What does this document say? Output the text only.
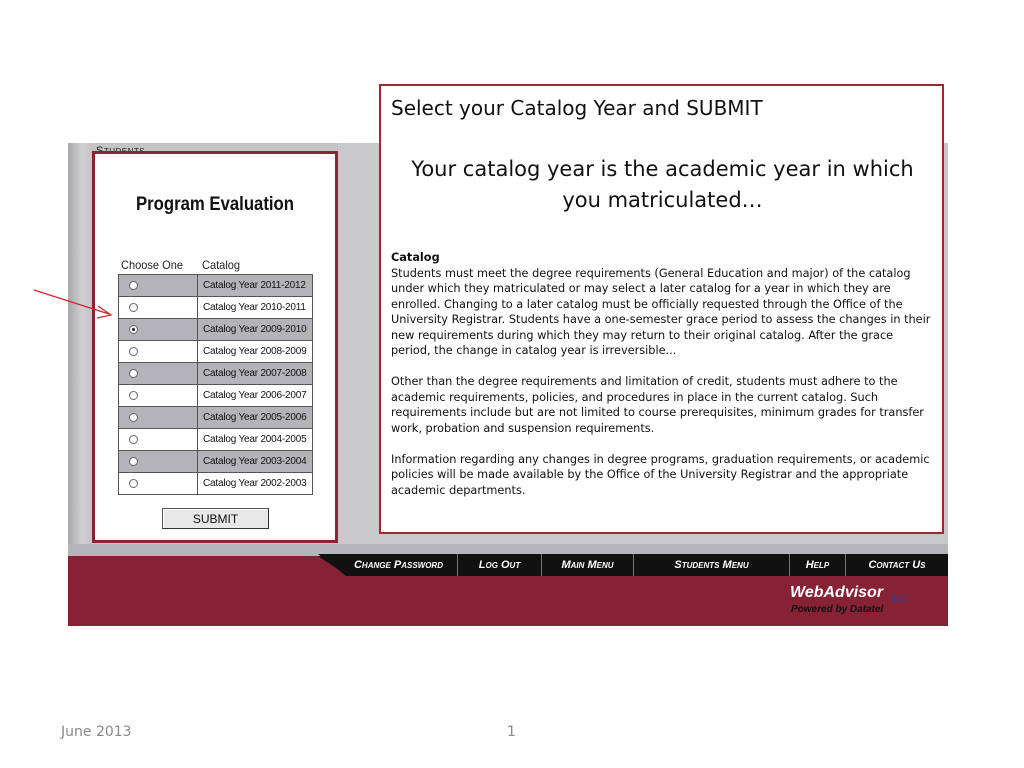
Program Evaluation
Choose One Catalog
	Catalog Year 2011-2012

	Catalog Year 2010-2011

	Catalog Year 2009-2010

	Catalog Year 2008-2009

	Catalog Year 2007-2008

	Catalog Year 2006-2007

	Catalog Year 2005-2006

	Catalog Year 2004-2005

	Catalog Year 2003-2004

	Catalog Year 2002-2003
SUBMIT
Change Password	Log Out	Main Menu	Students Menu	Help	Contact Us
WebAdvisor
Powered by Datatel
3.1
Select your Catalog Year and SUBMIT
Your catalog year is the academic year in which you matriculated…
Catalog

Students must meet the degree requirements (General Education and major) of the catalog under which they matriculated or may select a later catalog for a year in which they are enrolled. Changing to a later catalog must be officially requested through the Office of the University Registrar. Students have a one-semester grace period to assess the changes in their new requirements during which they may return to their original catalog. After the grace period, the change in catalog year is irreversible...

Other than the degree requirements and limitation of credit, students must adhere to the academic requirements, policies, and procedures in place in the current catalog. Such requirements include but are not limited to course prerequisites, minimum grades for transfer work, probation and suspension requirements.

Information regarding any changes in degree programs, graduation requirements, or academic policies will be made available by the Office of the University Registrar and the appropriate academic departments.

June 2013	1
